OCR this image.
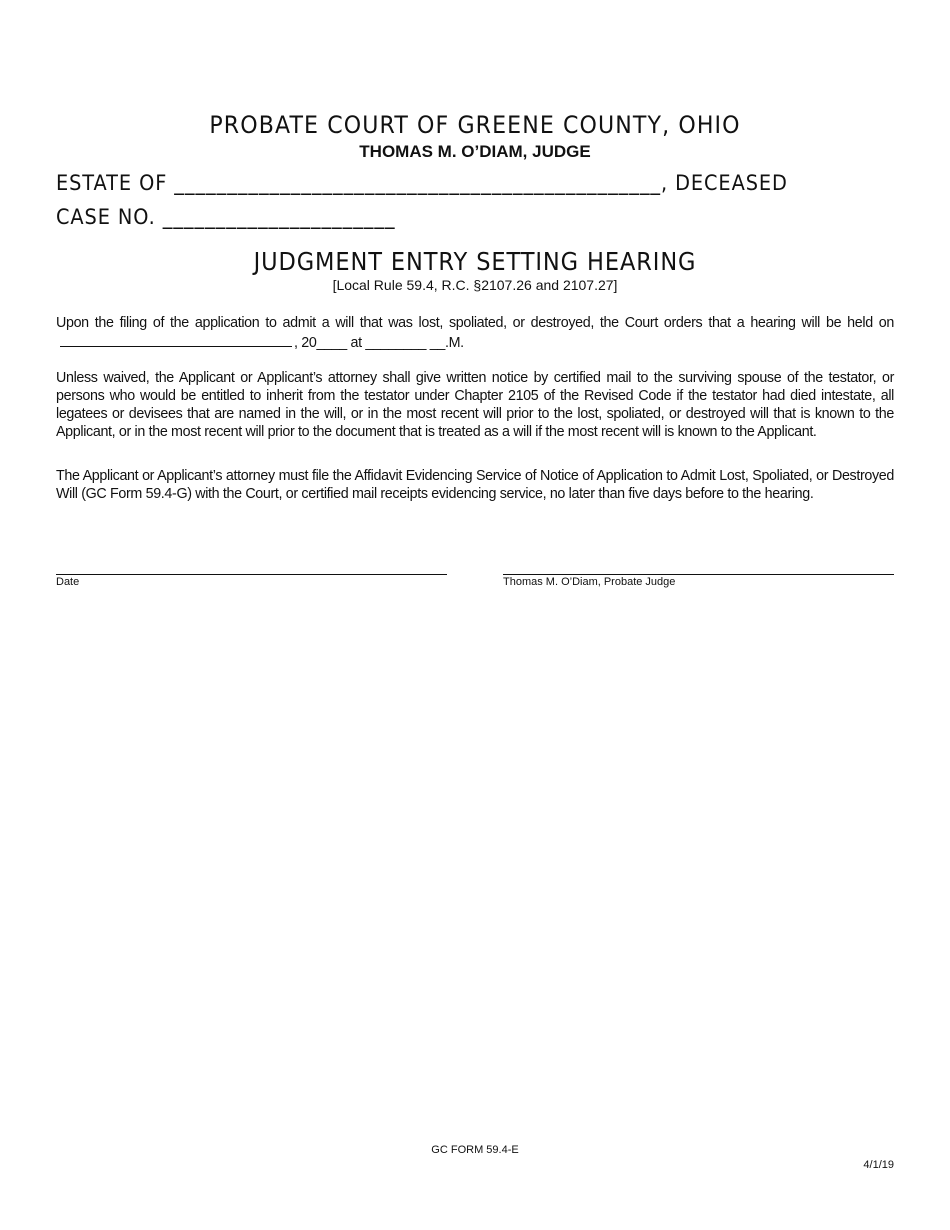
PROBATE COURT OF GREENE COUNTY, OHIO
THOMAS M. O’DIAM, JUDGE
ESTATE OF ______________________________________________, DECEASED
CASE NO. ______________________
JUDGMENT ENTRY SETTING HEARING
[Local Rule 59.4, R.C. §2107.26 and 2107.27]
Upon the filing of the application to admit a will that was lost, spoliated, or destroyed, the Court orders that a hearing will be held on , 20____ at ________ __.M.
Unless waived, the Applicant or Applicant’s attorney shall give written notice by certified mail to the surviving spouse of the testator, or persons who would be entitled to inherit from the testator under Chapter 2105 of the Revised Code if the testator had died intestate, all legatees or devisees that are named in the will, or in the most recent will prior to the lost, spoliated, or destroyed will that is known to the Applicant, or in the most recent will prior to the document that is treated as a will if the most recent will is known to the Applicant.
The Applicant or Applicant’s attorney must file the Affidavit Evidencing Service of Notice of Application to Admit Lost, Spoliated, or Destroyed Will (GC Form 59.4-G) with the Court, or certified mail receipts evidencing service, no later than five days before to the hearing.
Date	Thomas M. O’Diam, Probate Judge
GC FORM 59.4-E
4/1/19
